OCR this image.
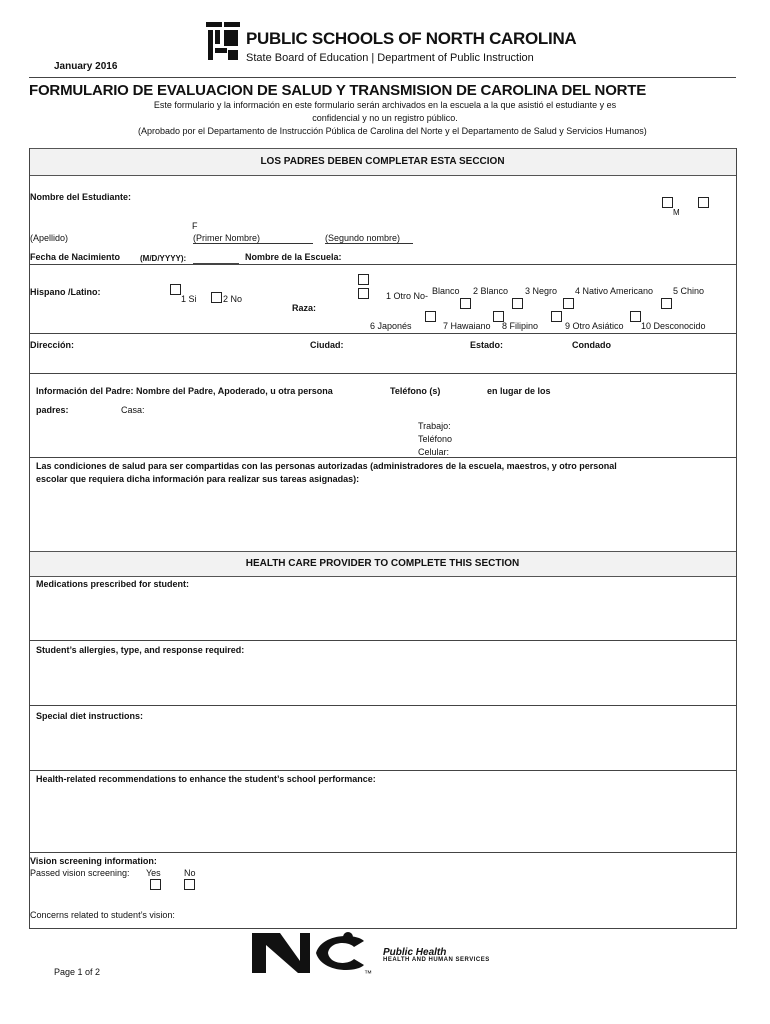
January 2016
PUBLIC SCHOOLS OF NORTH CAROLINA
State Board of Education | Department of Public Instruction
FORMULARIO DE EVALUACION DE SALUD Y TRANSMISION DE CAROLINA DEL NORTE
Este formulario y la información en este formulario serán archivados en la escuela a la que asistió el estudiante y es
confidencial y no un registro público.
(Aprobado por el Departamento de Instrucción Pública de Carolina del Norte y el Departamento de Salud y Servicios Humanos)
LOS PADRES DEBEN COMPLETAR ESTA SECCION
Nombre del Estudiante:
M
F
(Apellido)	(Primer Nombre)	(Segundo nombre)
Fecha de Nacimiento (M/D/YYYY):	Nombre de la Escuela:
Hispano /Latino:
1 Si	2 No
Raza:
1 Otro No- Blanco 2 Blanco 3 Negro 4 Nativo Americano 5 Chino
6 Japonés	7 Hawaiano 8 Filipino	9 Otro Asiático 10 Desconocido
Dirección:	Ciudad:	Estado:	Condado
Información del Padre: Nombre del Padre, Apoderado, u otra persona	Teléfono (s)	en lugar de los
padres:	Casa:
Trabajo:
Teléfono
Celular:
Las condiciones de salud para ser compartidas con las personas autorizadas (administradores de la escuela, maestros, y otro personal
escolar que requiera dicha información para realizar sus tareas asignadas):
HEALTH CARE PROVIDER TO COMPLETE THIS SECTION
Medications prescribed for student:
Student’s allergies, type, and response required:
Special diet instructions:
Health-related recommendations to enhance the student’s school performance:
Vision screening information:
Passed vision screening: Yes	No
Concerns related to student’s vision:
™
Public Health
HEALTH AND HUMAN SERVICES
Page 1 of 2
